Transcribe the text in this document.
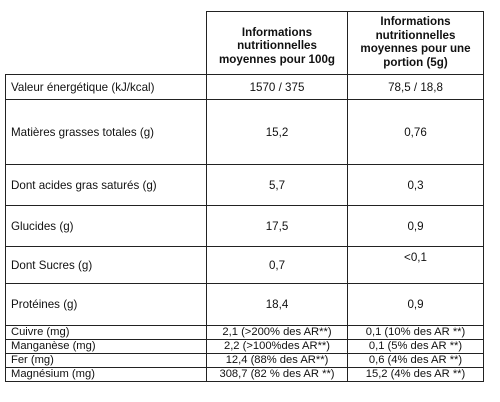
	Informations nutritionnelles moyennes pour 100g	Informations nutritionnelles moyennes pour une portion (5g)
Valeur énergétique (kJ/kcal)	1570 / 375	78,5 / 18,8
Matières grasses totales (g)	15,2	0,76
Dont acides gras saturés (g)	5,7	0,3
Glucides (g)	17,5	0,9
Dont Sucres (g)	0,7	<0,1
Protéines (g)	18,4	0,9
Cuivre (mg)	2,1 (>200% des AR**)	0,1 (10% des AR **)
Manganèse (mg)	2,2 (>100%des AR**)	0,1 (5% des AR **)
Fer (mg)	12,4 (88% des AR**)	0,6 (4% des AR **)
Magnésium (mg)	308,7 (82 % des AR **)	15,2 (4% des AR **)
